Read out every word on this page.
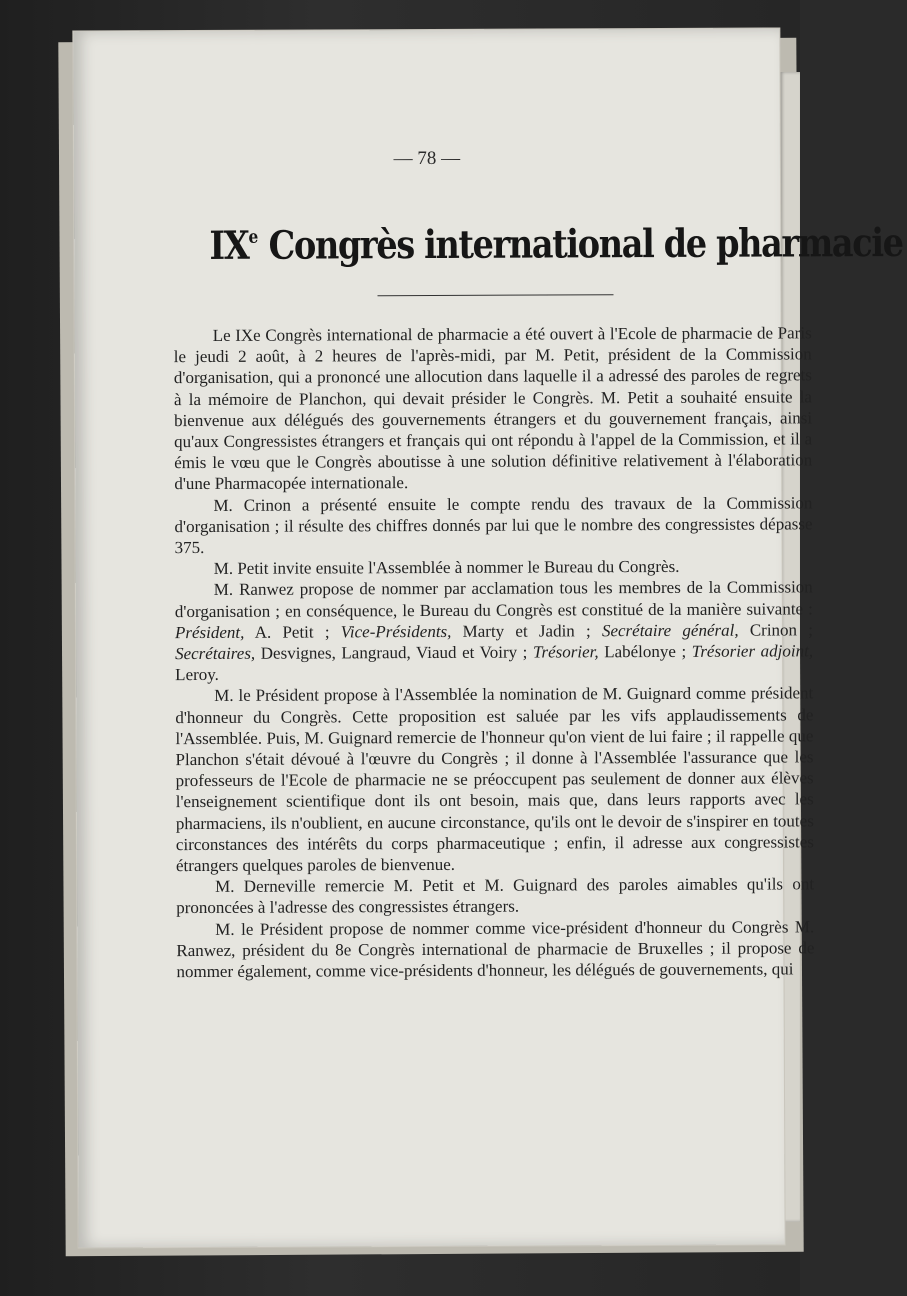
— 78 —
IXe Congrès international de pharmacie

Le IXe Congrès international de pharmacie a été ouvert à l'Ecole de pharmacie de Paris le jeudi 2 août, à 2 heures de l'après-midi, par M. Petit, président de la Commission d'organisation, qui a prononcé une allocution dans laquelle il a adressé des paroles de regrets à la mémoire de Planchon, qui devait présider le Congrès. M. Petit a souhaité ensuite la bienvenue aux délégués des gouvernements étrangers et du gouvernement français, ainsi qu'aux Congressistes étrangers et français qui ont répondu à l'appel de la Commission, et il a émis le vœu que le Congrès aboutisse à une solution définitive relativement à l'élaboration d'une Pharmacopée internationale.

M. Crinon a présenté ensuite le compte rendu des travaux de la Commission d'organisation ; il résulte des chiffres donnés par lui que le nombre des congressistes dépasse 375.

M. Petit invite ensuite l'Assemblée à nommer le Bureau du Congrès.

M. Ranwez propose de nommer par acclamation tous les membres de la Commission d'organisation ; en conséquence, le Bureau du Congrès est constitué de la manière suivante : Président, A. Petit ; Vice-Présidents, Marty et Jadin ; Secrétaire général, Crinon ; Secrétaires, Desvignes, Langraud, Viaud et Voiry ; Trésorier, Labélonye ; Trésorier adjoint, Leroy.

M. le Président propose à l'Assemblée la nomination de M. Guignard comme président d'honneur du Congrès. Cette proposition est saluée par les vifs applaudissements de l'Assemblée. Puis, M. Guignard remercie de l'honneur qu'on vient de lui faire ; il rappelle que Planchon s'était dévoué à l'œuvre du Congrès ; il donne à l'Assemblée l'assurance que les professeurs de l'Ecole de pharmacie ne se préoccupent pas seulement de donner aux élèves l'enseignement scientifique dont ils ont besoin, mais que, dans leurs rapports avec les pharmaciens, ils n'oublient, en aucune circonstance, qu'ils ont le devoir de s'inspirer en toutes circonstances des intérêts du corps pharmaceutique ; enfin, il adresse aux congressistes étrangers quelques paroles de bienvenue.

M. Derneville remercie M. Petit et M. Guignard des paroles aimables qu'ils ont prononcées à l'adresse des congressistes étrangers.

M. le Président propose de nommer comme vice-président d'honneur du Congrès M. Ranwez, président du 8e Congrès international de pharmacie de Bruxelles ; il propose de nommer également, comme vice-présidents d'honneur, les délégués de gouvernements, qui
